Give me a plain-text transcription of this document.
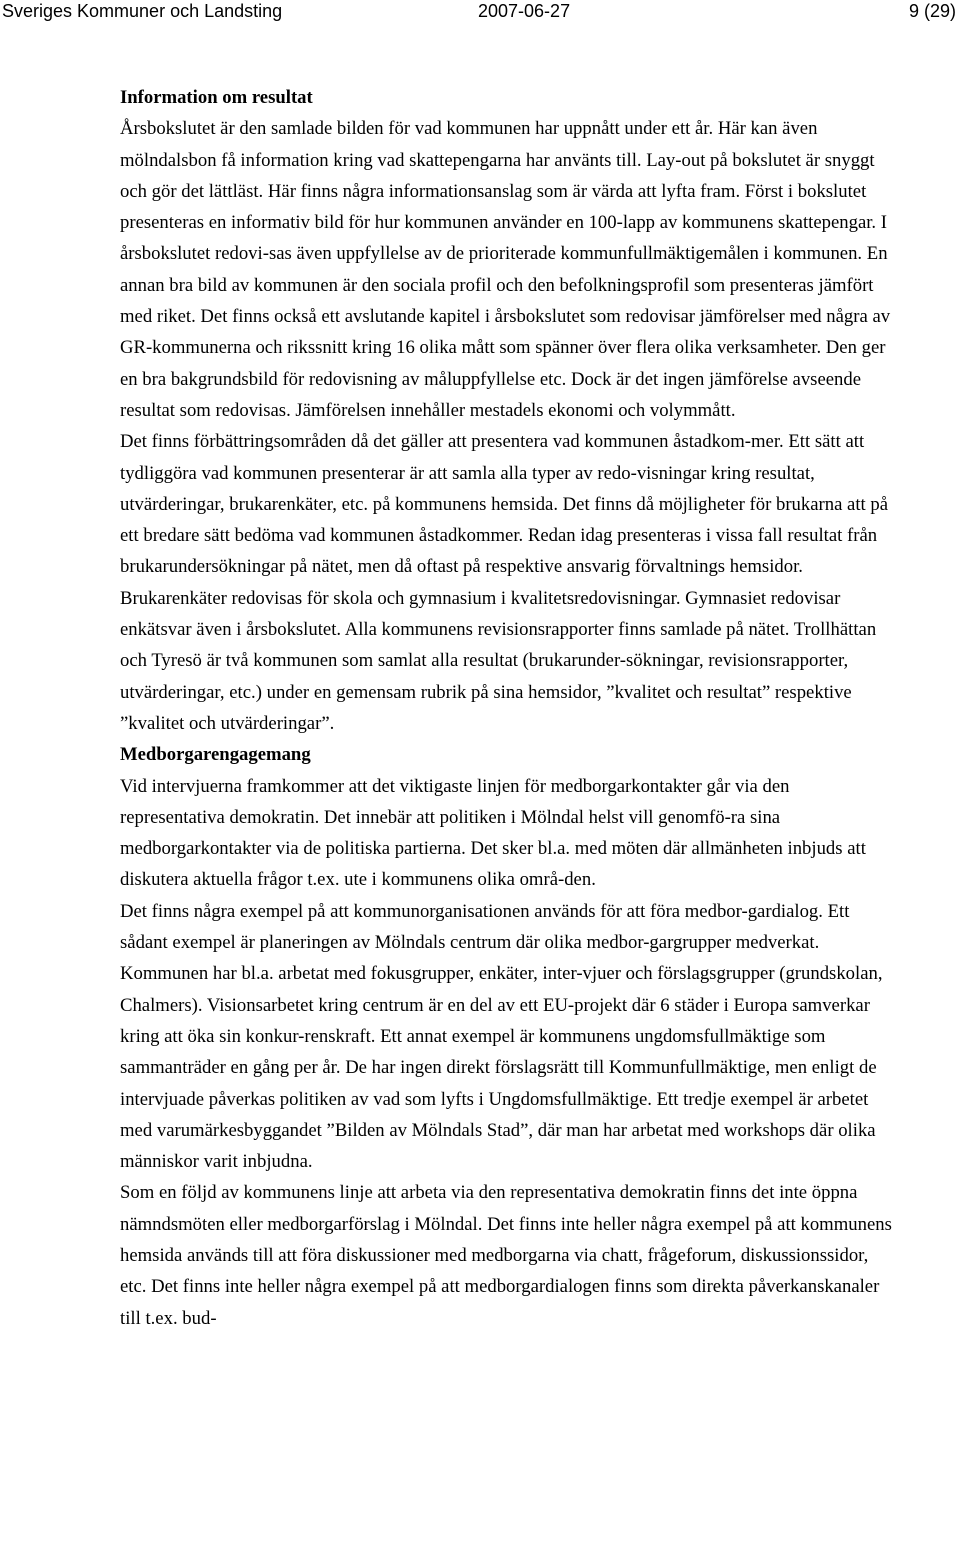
Sveriges Kommuner och Landsting	2007-06-27	9 (29)

Information om resultat

Årsbokslutet är den samlade bilden för vad kommunen har uppnått under ett år. Här kan även mölndalsbon få information kring vad skattepengarna har använts till. Lay-out på bokslutet är snyggt och gör det lättläst. Här finns några informationsanslag som är värda att lyfta fram. Först i bokslutet presenteras en informativ bild för hur kommunen använder en 100-lapp av kommunens skattepengar. I årsbokslutet redovi-sas även uppfyllelse av de prioriterade kommunfullmäktigemålen i kommunen. En annan bra bild av kommunen är den sociala profil och den befolkningsprofil som presenteras jämfört med riket. Det finns också ett avslutande kapitel i årsbokslutet som redovisar jämförelser med några av GR-kommunerna och rikssnitt kring 16 olika mått som spänner över flera olika verksamheter. Den ger en bra bakgrundsbild för redovisning av måluppfyllelse etc. Dock är det ingen jämförelse avseende resultat som redovisas. Jämförelsen innehåller mestadels ekonomi och volymmått.

Det finns förbättringsområden då det gäller att presentera vad kommunen åstadkom-mer. Ett sätt att tydliggöra vad kommunen presenterar är att samla alla typer av redo-visningar kring resultat, utvärderingar, brukarenkäter, etc. på kommunens hemsida. Det finns då möjligheter för brukarna att på ett bredare sätt bedöma vad kommunen åstadkommer. Redan idag presenteras i vissa fall resultat från brukarundersökningar på nätet, men då oftast på respektive ansvarig förvaltnings hemsidor. Brukarenkäter redovisas för skola och gymnasium i kvalitetsredovisningar. Gymnasiet redovisar enkätsvar även i årsbokslutet. Alla kommunens revisionsrapporter finns samlade på nätet. Trollhättan och Tyresö är två kommunen som samlat alla resultat (brukarunder-sökningar, revisionsrapporter, utvärderingar, etc.) under en gemensam rubrik på sina hemsidor, ”kvalitet och resultat” respektive ”kvalitet och utvärderingar”.

Medborgarengagemang

Vid intervjuerna framkommer att det viktigaste linjen för medborgarkontakter går via den representativa demokratin. Det innebär att politiken i Mölndal helst vill genomfö-ra sina medborgarkontakter via de politiska partierna. Det sker bl.a. med möten där allmänheten inbjuds att diskutera aktuella frågor t.ex. ute i kommunens olika områ-den.

Det finns några exempel på att kommunorganisationen används för att föra medbor-gardialog. Ett sådant exempel är planeringen av Mölndals centrum där olika medbor-gargrupper medverkat. Kommunen har bl.a. arbetat med fokusgrupper, enkäter, inter-vjuer och förslagsgrupper (grundskolan, Chalmers). Visionsarbetet kring centrum är en del av ett EU-projekt där 6 städer i Europa samverkar kring att öka sin konkur-renskraft. Ett annat exempel är kommunens ungdomsfullmäktige som sammanträder en gång per år. De har ingen direkt förslagsrätt till Kommunfullmäktige, men enligt de intervjuade påverkas politiken av vad som lyfts i Ungdomsfullmäktige. Ett tredje exempel är arbetet med varumärkesbyggandet ”Bilden av Mölndals Stad”, där man har arbetat med workshops där olika människor varit inbjudna.

Som en följd av kommunens linje att arbeta via den representativa demokratin finns det inte öppna nämndsmöten eller medborgarförslag i Mölndal. Det finns inte heller några exempel på att kommunens hemsida används till att föra diskussioner med medborgarna via chatt, frågeforum, diskussionssidor, etc. Det finns inte heller några exempel på att medborgardialogen finns som direkta påverkanskanaler till t.ex. bud-
